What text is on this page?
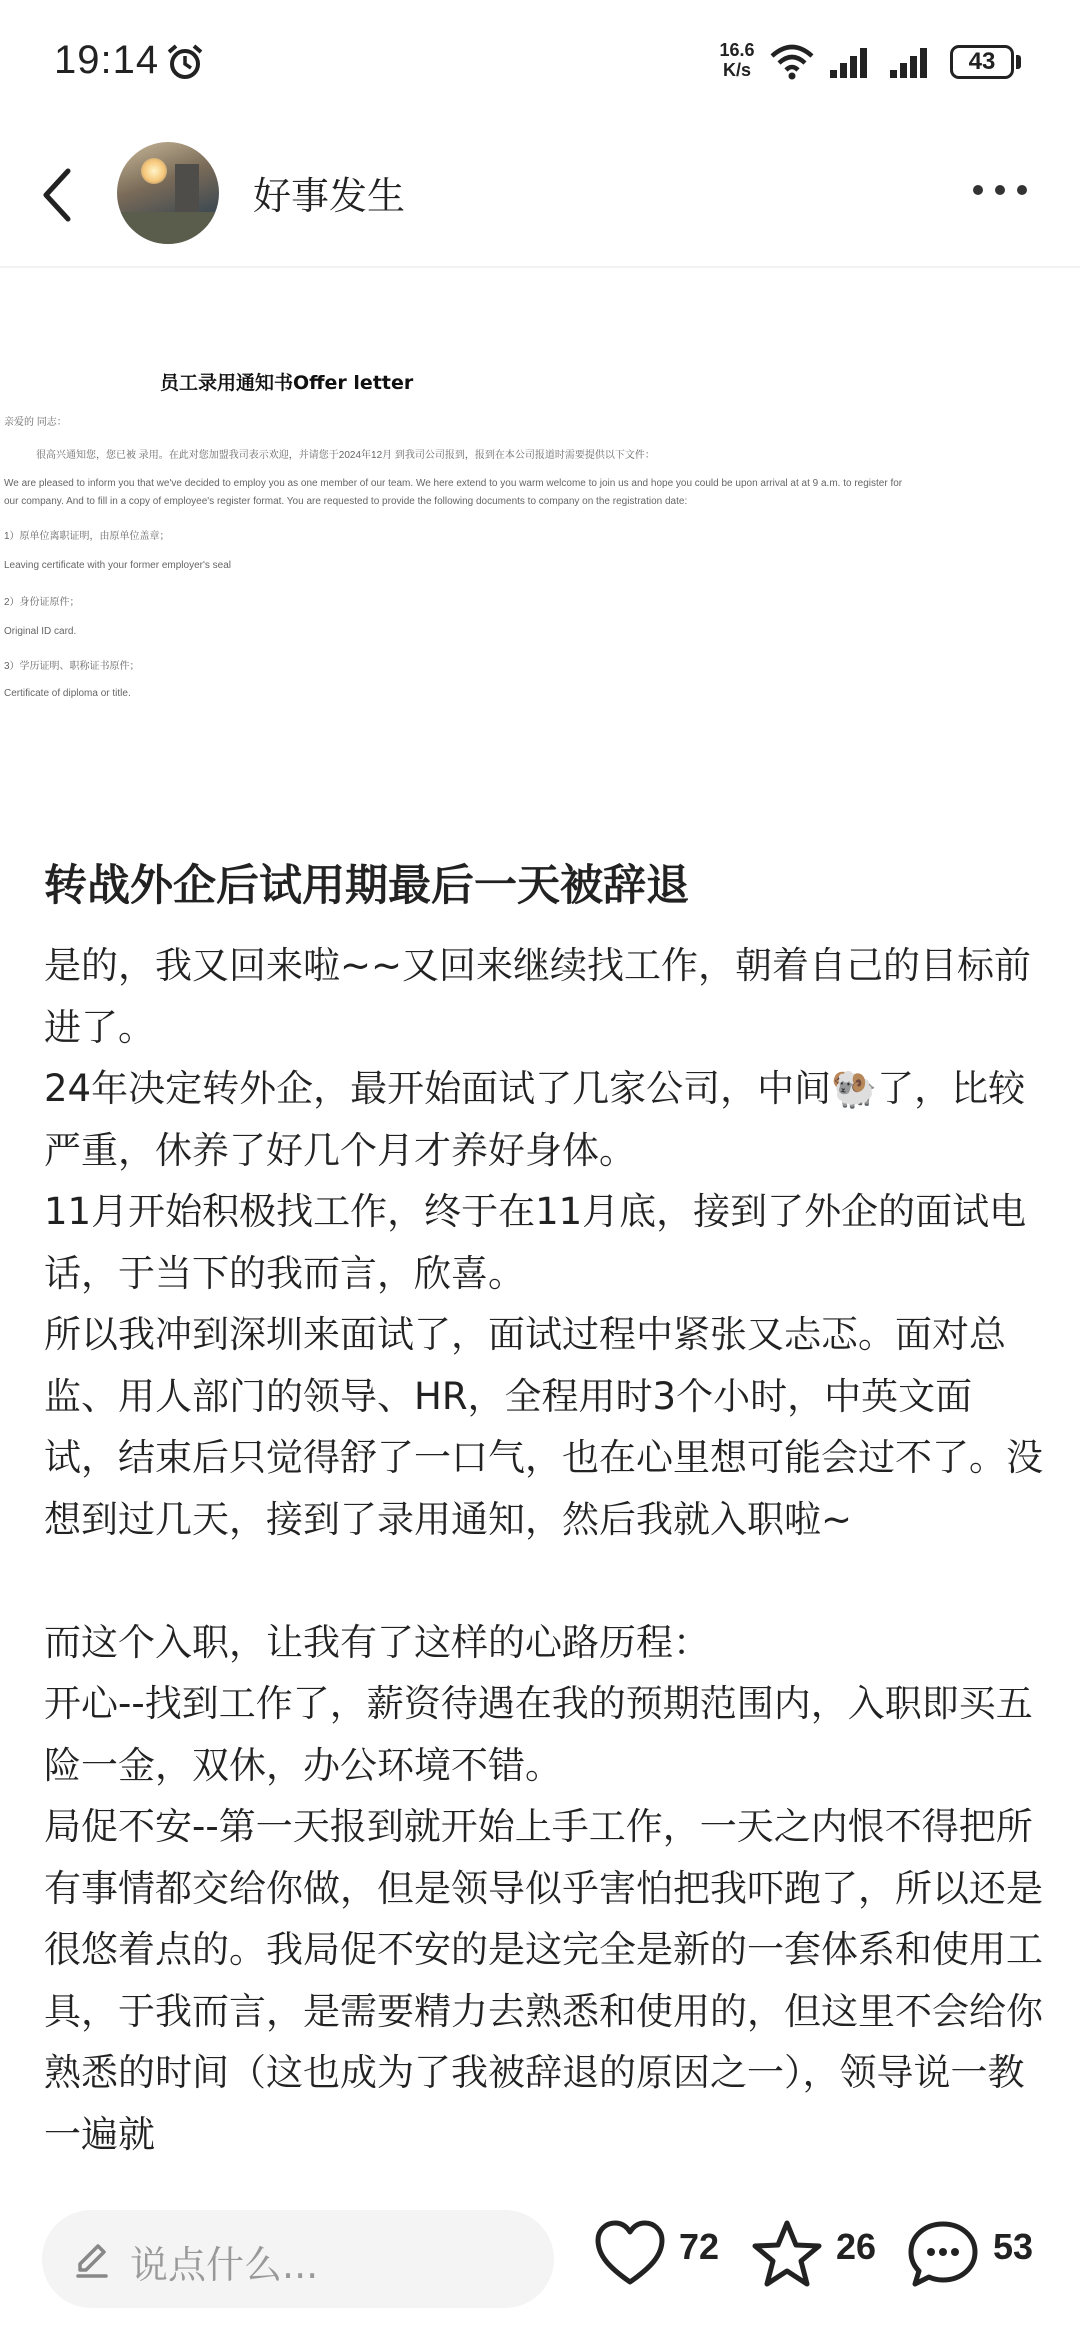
19:14	16.6
K/s	43
好事发生
员工录用通知书Offer letter
亲爱的 同志：
很高兴通知您，您已被 录用。在此对您加盟我司表示欢迎，并请您于2024年12月 到我司公司报到，报到在本公司报道时需要提供以下文件：
We are pleased to inform you that we've decided to employ you as one member of our team. We here extend to you warm welcome to join us and hope you could be upon arrival at at 9 a.m. to register for
our company. And to fill in a copy of employee's register format. You are requested to provide the following documents to company on the registration date:
1）原单位离职证明，由原单位盖章；
Leaving certificate with your former employer's seal
2）身份证原件；
Original ID card.
3）学历证明、职称证书原件；
Certificate of diploma or title.
转战外企后试用期最后一天被辞退

是的，我又回来啦~~又回来继续找工作，朝着自己的目标前进了。

24年决定转外企，最开始面试了几家公司，中间🐏了，比较严重，休养了好几个月才养好身体。

11月开始积极找工作，终于在11月底，接到了外企的面试电话，于当下的我而言，欣喜。

所以我冲到深圳来面试了，面试过程中紧张又忐忑。面对总监、用人部门的领导、HR，全程用时3个小时，中英文面试，结束后只觉得舒了一口气，也在心里想可能会过不了。没想到过几天，接到了录用通知，然后我就入职啦~

而这个入职，让我有了这样的心路历程：

开心--找到工作了，薪资待遇在我的预期范围内，入职即买五险一金，双休，办公环境不错。

局促不安--第一天报到就开始上手工作，一天之内恨不得把所有事情都交给你做，但是领导似乎害怕把我吓跑了，所以还是很悠着点的。我局促不安的是这完全是新的一套体系和使用工具，于我而言，是需要精力去熟悉和使用的，但这里不会给你熟悉的时间（这也成为了我被辞退的原因之一），领导说一教一遍就

说点什么...	72	26	53
